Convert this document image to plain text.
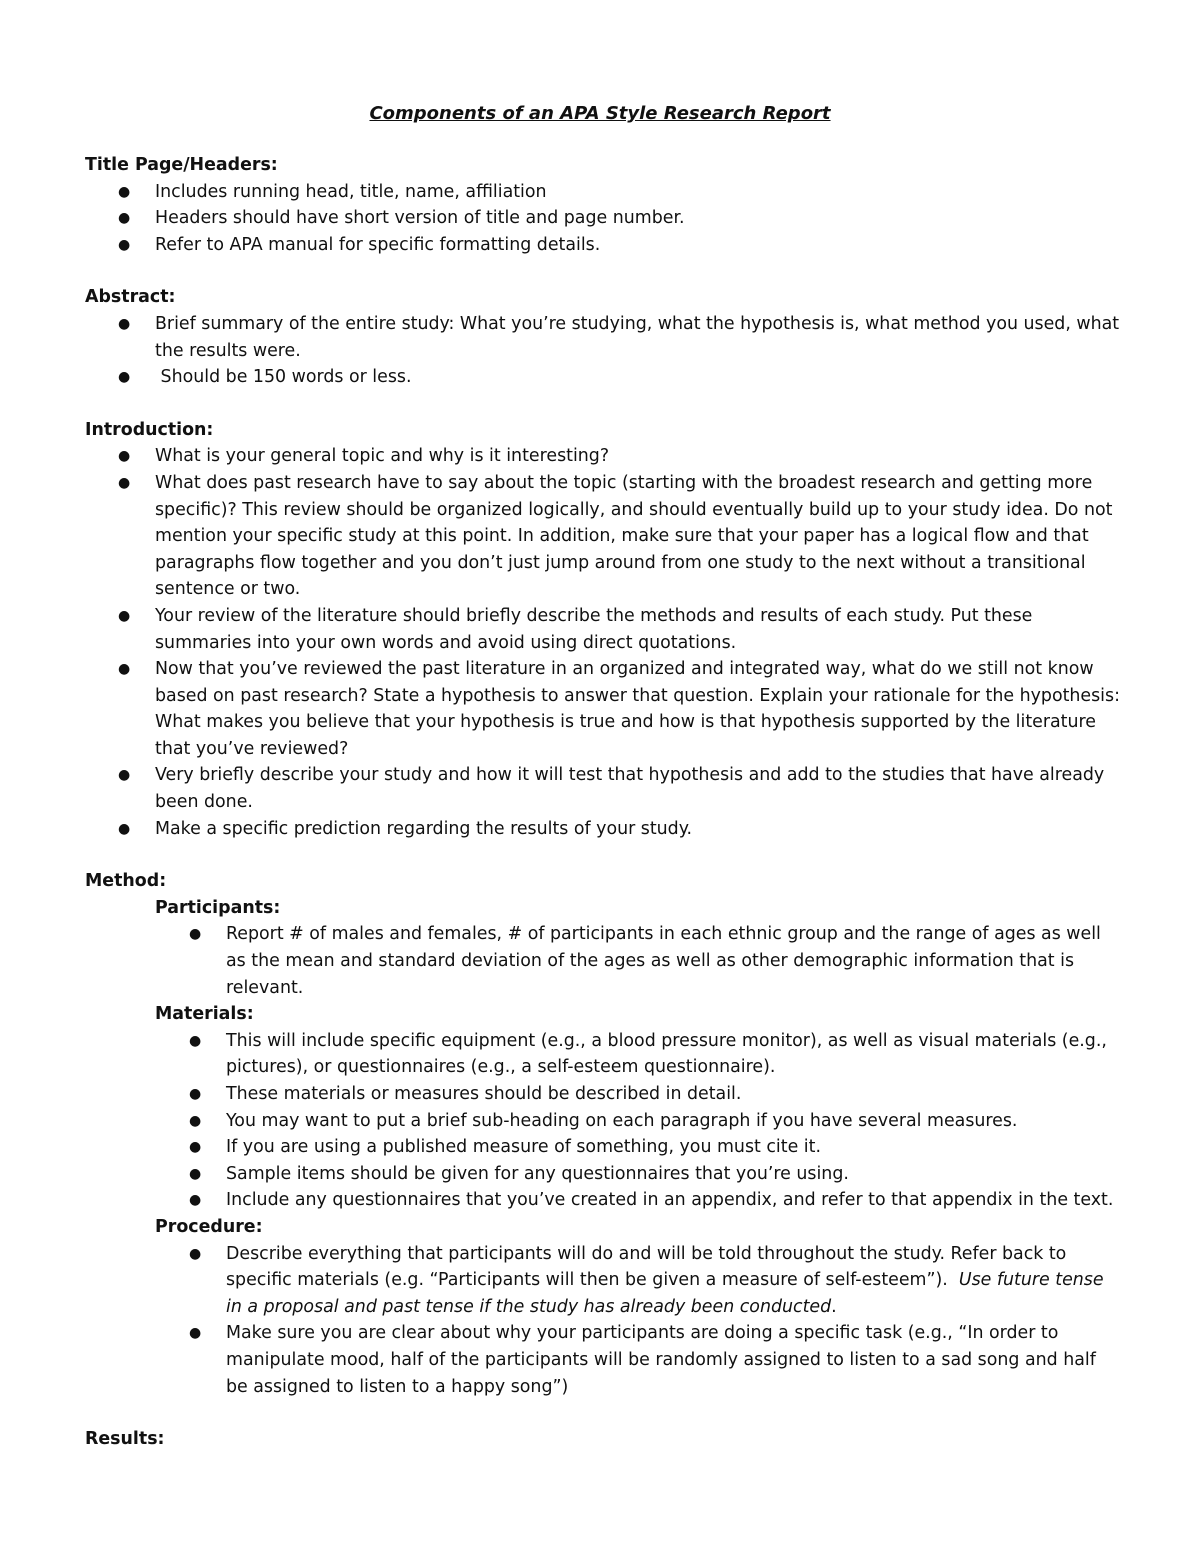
Components of an APA Style Research Report
Title Page/Headers:
● Includes running head, title, name, affiliation
● Headers should have short version of title and page number.
● Refer to APA manual for specific formatting details.
Abstract:
● Brief summary of the entire study: What you’re studying, what the hypothesis is, what method you used, what the results were.
● Should be 150 words or less.
Introduction:
● What is your general topic and why is it interesting?
● What does past research have to say about the topic (starting with the broadest research and getting more specific)? This review should be organized logically, and should eventually build up to your study idea. Do not mention your specific study at this point. In addition, make sure that your paper has a logical flow and that paragraphs flow together and you don’t just jump around from one study to the next without a transitional sentence or two.
● Your review of the literature should briefly describe the methods and results of each study. Put these summaries into your own words and avoid using direct quotations.
● Now that you’ve reviewed the past literature in an organized and integrated way, what do we still not know based on past research? State a hypothesis to answer that question. Explain your rationale for the hypothesis: What makes you believe that your hypothesis is true and how is that hypothesis supported by the literature that you’ve reviewed?
● Very briefly describe your study and how it will test that hypothesis and add to the studies that have already been done.
● Make a specific prediction regarding the results of your study.
Method:
Participants:
● Report # of males and females, # of participants in each ethnic group and the range of ages as well as the mean and standard deviation of the ages as well as other demographic information that is relevant.
Materials:
● This will include specific equipment (e.g., a blood pressure monitor), as well as visual materials (e.g., pictures), or questionnaires (e.g., a self-esteem questionnaire).
● These materials or measures should be described in detail.
● You may want to put a brief sub-heading on each paragraph if you have several measures.
● If you are using a published measure of something, you must cite it.
● Sample items should be given for any questionnaires that you’re using.
● Include any questionnaires that you’ve created in an appendix, and refer to that appendix in the text.
Procedure:
● Describe everything that participants will do and will be told throughout the study. Refer back to specific materials (e.g. “Participants will then be given a measure of self-esteem”).  Use future tense in a proposal and past tense if the study has already been conducted.
● Make sure you are clear about why your participants are doing a specific task (e.g., “In order to manipulate mood, half of the participants will be randomly assigned to listen to a sad song and half be assigned to listen to a happy song”)
Results:
